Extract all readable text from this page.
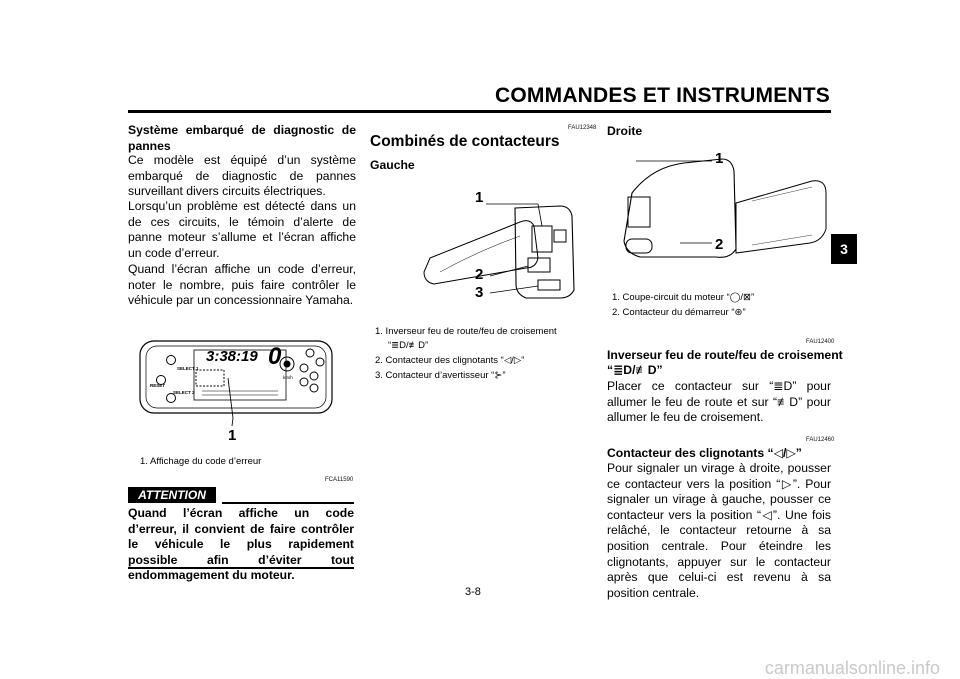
COMMANDES ET INSTRUMENTS
3
Système embarqué de diagnostic de pannes
Ce modèle est équipé d’un système embarqué de diagnostic de pannes surveillant divers circuits électriques.
Lorsqu’un problème est détecté dans un de ces circuits, le témoin d’alerte de panne moteur s’allume et l’écran affiche un code d’erreur.
Quand l’écran affiche un code d’erreur, noter le nombre, puis faire contrôler le véhicule par un concessionnaire Yamaha.
3:38:19 0
SELECT 1
RESET
SELECT 2
km/h
1
1. Affichage du code d’erreur
FCA11590
ATTENTION
Quand l’écran affiche un code d’erreur, il convient de faire contrôler le véhicule le plus rapidement possible afin d’éviter tout endommagement du moteur.
FAU12348
Combinés de contacteurs
Gauche
1
2
3
1. Inverseur feu de route/feu de croisement
“≣D/≢D”
2. Contacteur des clignotants “◁/▷”
3. Contacteur d’avertisseur “⊱”
3-8
Droite
1
2
1. Coupe-circuit du moteur “◯/⊠”
2. Contacteur du démarreur “⊛”
FAU12400
Inverseur feu de route/feu de croisement
“≣D/≢D”
Placer ce contacteur sur “≣D” pour allumer le feu de route et sur “≢D” pour allumer le feu de croisement.
FAU12460
Contacteur des clignotants “◁/▷”
Pour signaler un virage à droite, pousser ce contacteur vers la position “▷”. Pour signaler un virage à gauche, pousser ce contacteur vers la position “◁”. Une fois relâché, le contacteur retourne à sa position centrale. Pour éteindre les clignotants, appuyer sur le contacteur après que celui-ci est revenu à sa position centrale.
carmanualsonline.info
